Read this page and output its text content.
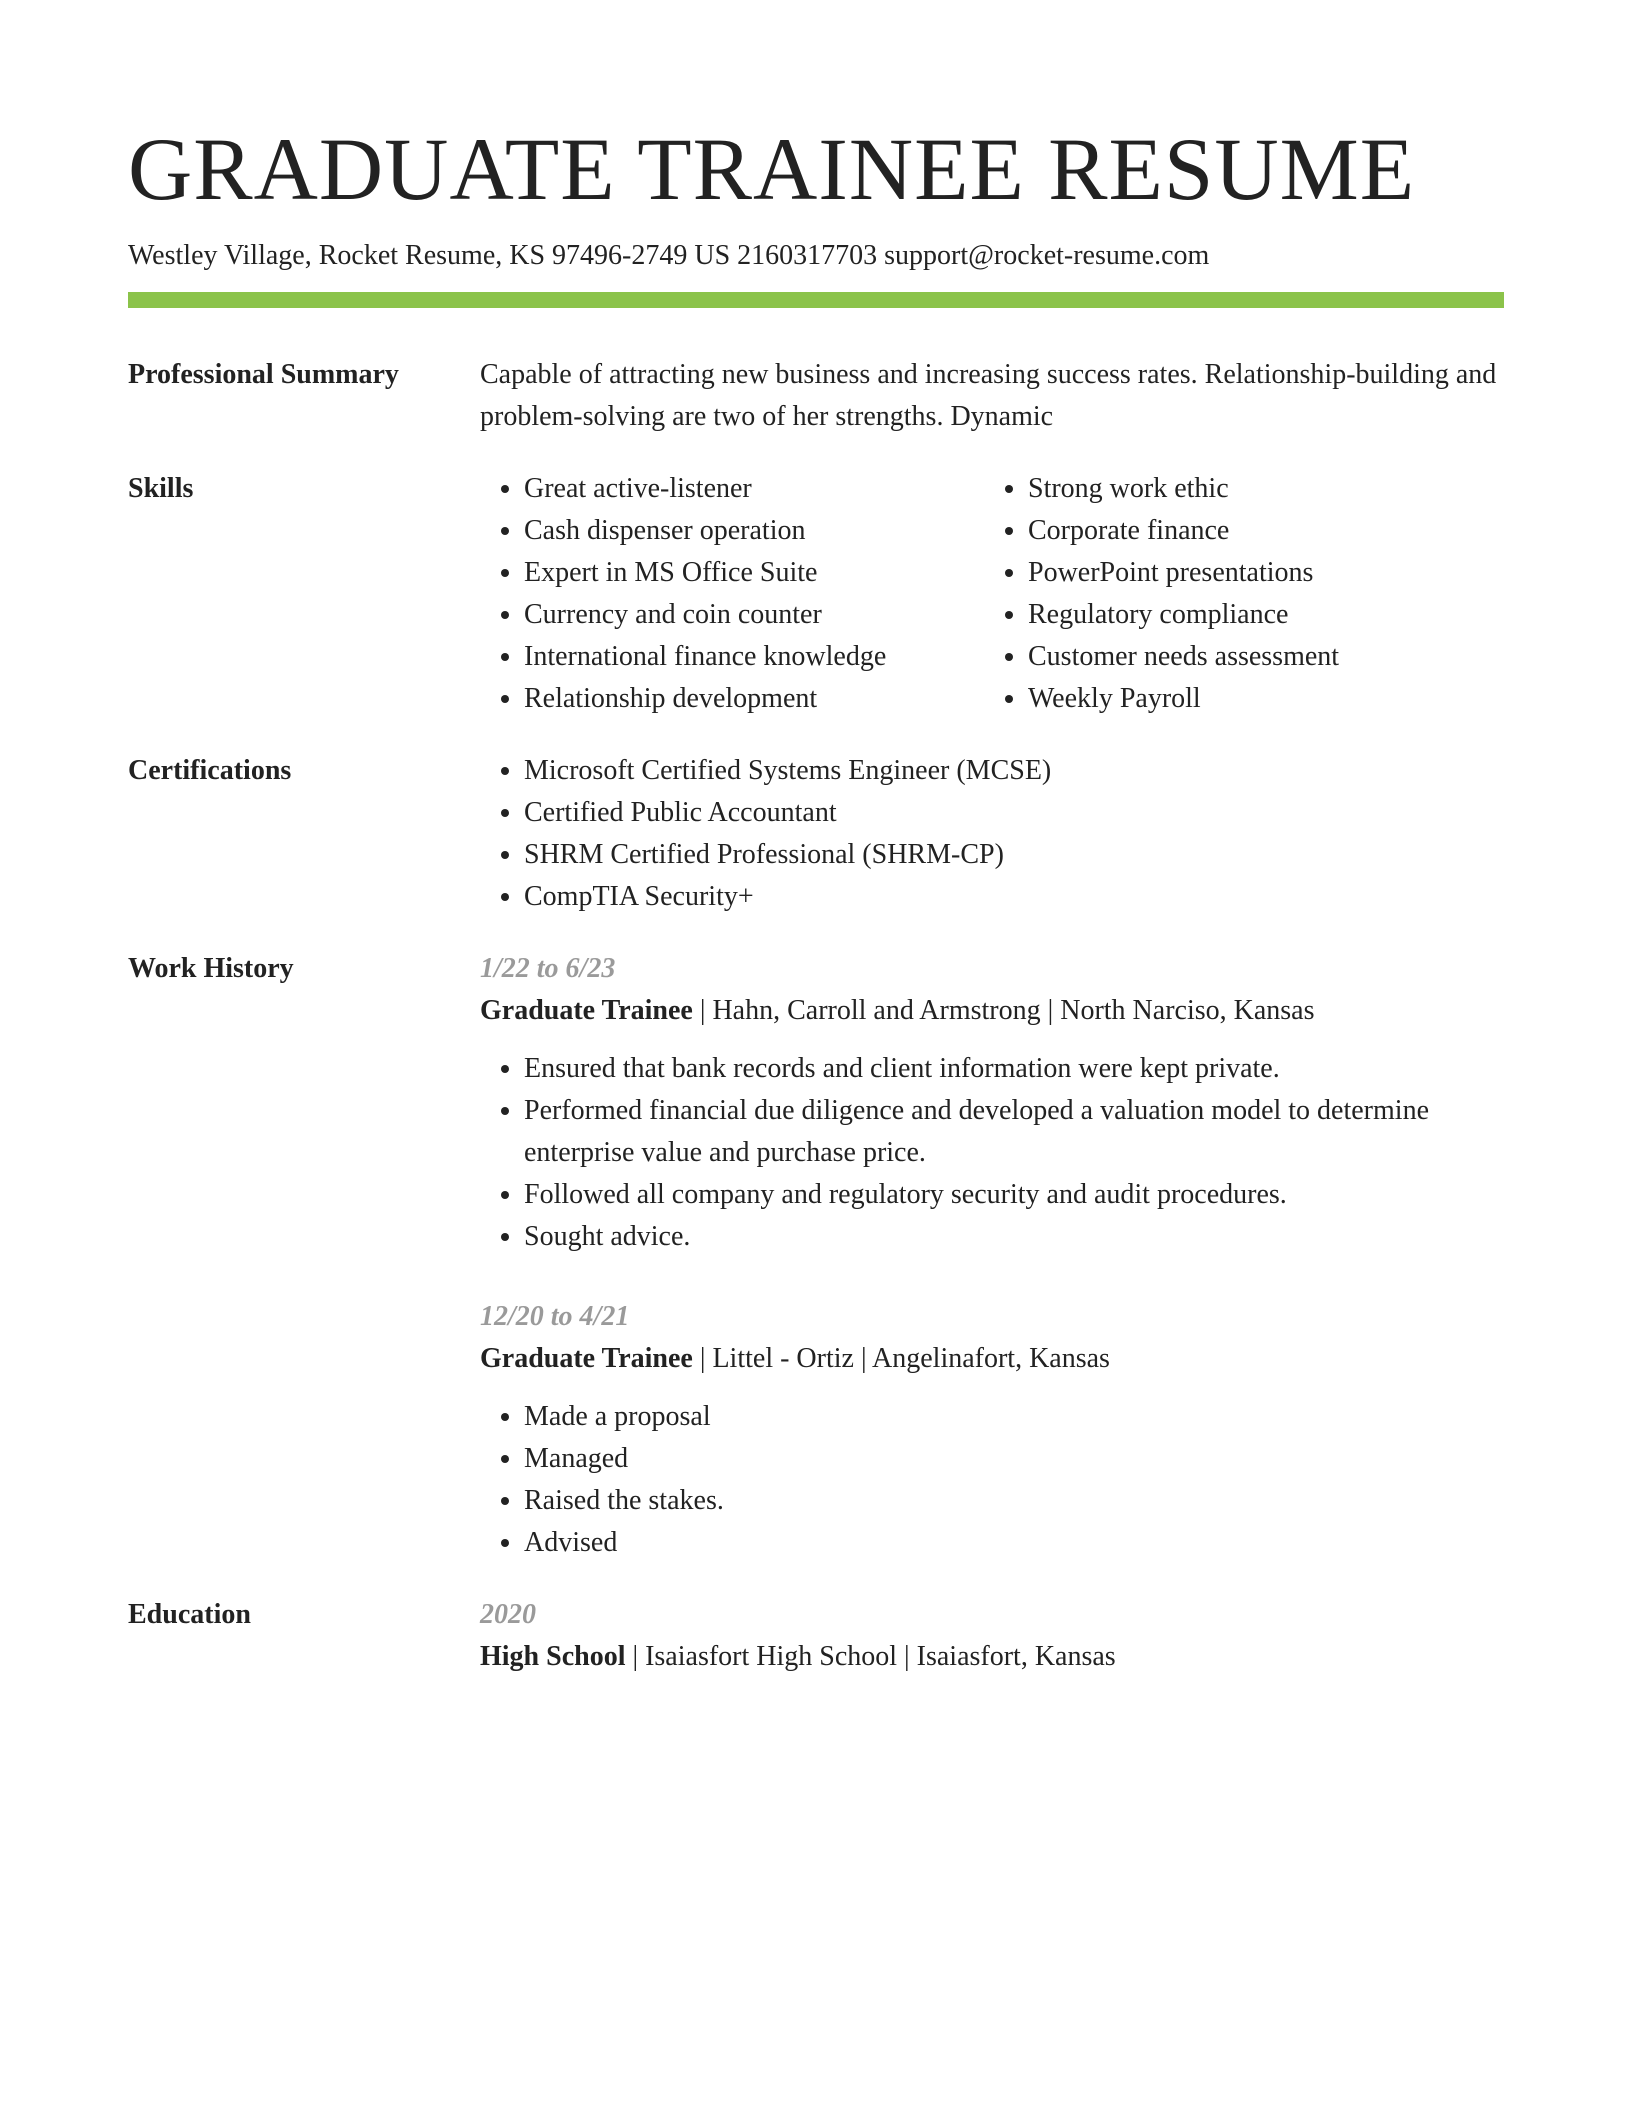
GRADUATE TRAINEE RESUME
Westley Village, Rocket Resume, KS 97496-2749 US 2160317703 support@rocket-resume.com
Professional Summary	Capable of attracting new business and increasing success rates. Relationship-building and problem-solving are two of her strengths. Dynamic

Skills	• Great active-listener
• Cash dispenser operation
• Expert in MS Office Suite
• Currency and coin counter
• International finance knowledge
• Relationship development
• Strong work ethic
• Corporate finance
• PowerPoint presentations
• Regulatory compliance
• Customer needs assessment
• Weekly Payroll
Certifications	• Microsoft Certified Systems Engineer (MCSE)
• Certified Public Accountant
• SHRM Certified Professional (SHRM-CP)
• CompTIA Security+
Work History	1/22 to 6/23
Graduate Trainee | Hahn, Carroll and Armstrong | North Narciso, Kansas
• Ensured that bank records and client information were kept private.
• Performed financial due diligence and developed a valuation model to determine enterprise value and purchase price.
• Followed all company and regulatory security and audit procedures.
• Sought advice.
12/20 to 4/21
Graduate Trainee | Littel - Ortiz | Angelinafort, Kansas
• Made a proposal
• Managed
• Raised the stakes.
• Advised
Education	2020
High School | Isaiasfort High School | Isaiasfort, Kansas
